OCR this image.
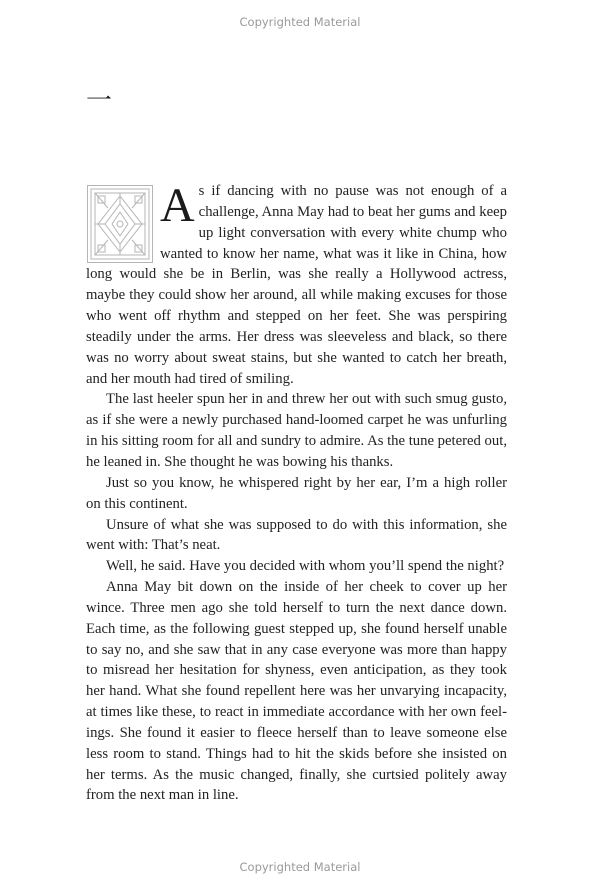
Copyrighted Material
一

A s if dancing with no pause was not enough of a challenge, Anna May had to beat her gums and keep up light conversation with every white chump who wanted to know her name, what was it like in China, how long would she be in Berlin, was she really a Hollywood actress, maybe they could show her around, all while making excuses for those who went off rhythm and stepped on her feet. She was perspiring steadily under the arms. Her dress was sleeveless and black, so there was no worry about sweat stains, but she wanted to catch her breath, and her mouth had tired of smiling.

The last heeler spun her in and threw her out with such smug gusto, as if she were a newly purchased hand-loomed carpet he was unfurling in his sitting room for all and sundry to admire. As the tune petered out, he leaned in. She thought he was bowing his thanks.

Just so you know, he whispered right by her ear, I’m a high roller on this continent.

Unsure of what she was supposed to do with this information, she went with: That’s neat.

Well, he said. Have you decided with whom you’ll spend the night?

Anna May bit down on the inside of her cheek to cover up her wince. Three men ago she told herself to turn the next dance down. Each time, as the following guest stepped up, she found herself unable to say no, and she saw that in any case everyone was more than happy to misread her hesitation for shyness, even anticipation, as they took her hand. What she found repellent here was her unvarying incapacity, at times like these, to react in immediate accordance with her own feelings. She found it easier to fleece herself than to leave someone else less room to stand. Things had to hit the skids before she insisted on her terms. As the music changed, finally, she curtsied politely away from the next man in line.

Copyrighted Material
